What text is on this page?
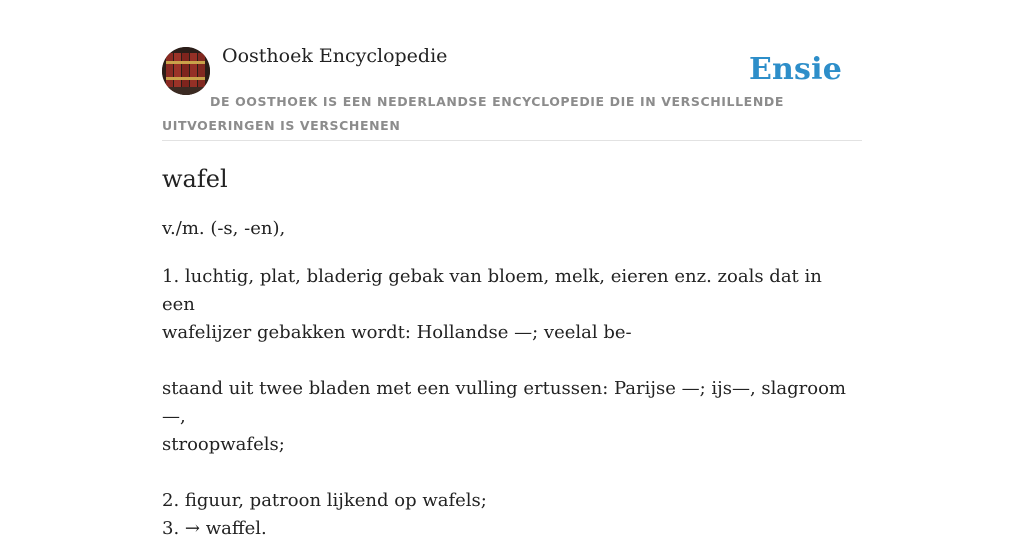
Oosthoek Encyclopedie	Ensie
DE OOSTHOEK IS EEN NEDERLANDSE ENCYCLOPEDIE DIE IN VERSCHILLENDE UITVOERINGEN IS VERSCHENEN
wafel
v./m. (-s, -en),

1. luchtig, plat, bladerig gebak van bloem, melk, eieren enz. zoals dat in een

wafelijzer gebakken wordt: Hollandse —; veelal be-

staand uit twee bladen met een vulling ertussen: Parijse —; ijs—, slagroom—,

stroopwafels;

2. figuur, patroon lijkend op wafels;

3. → waffel.
